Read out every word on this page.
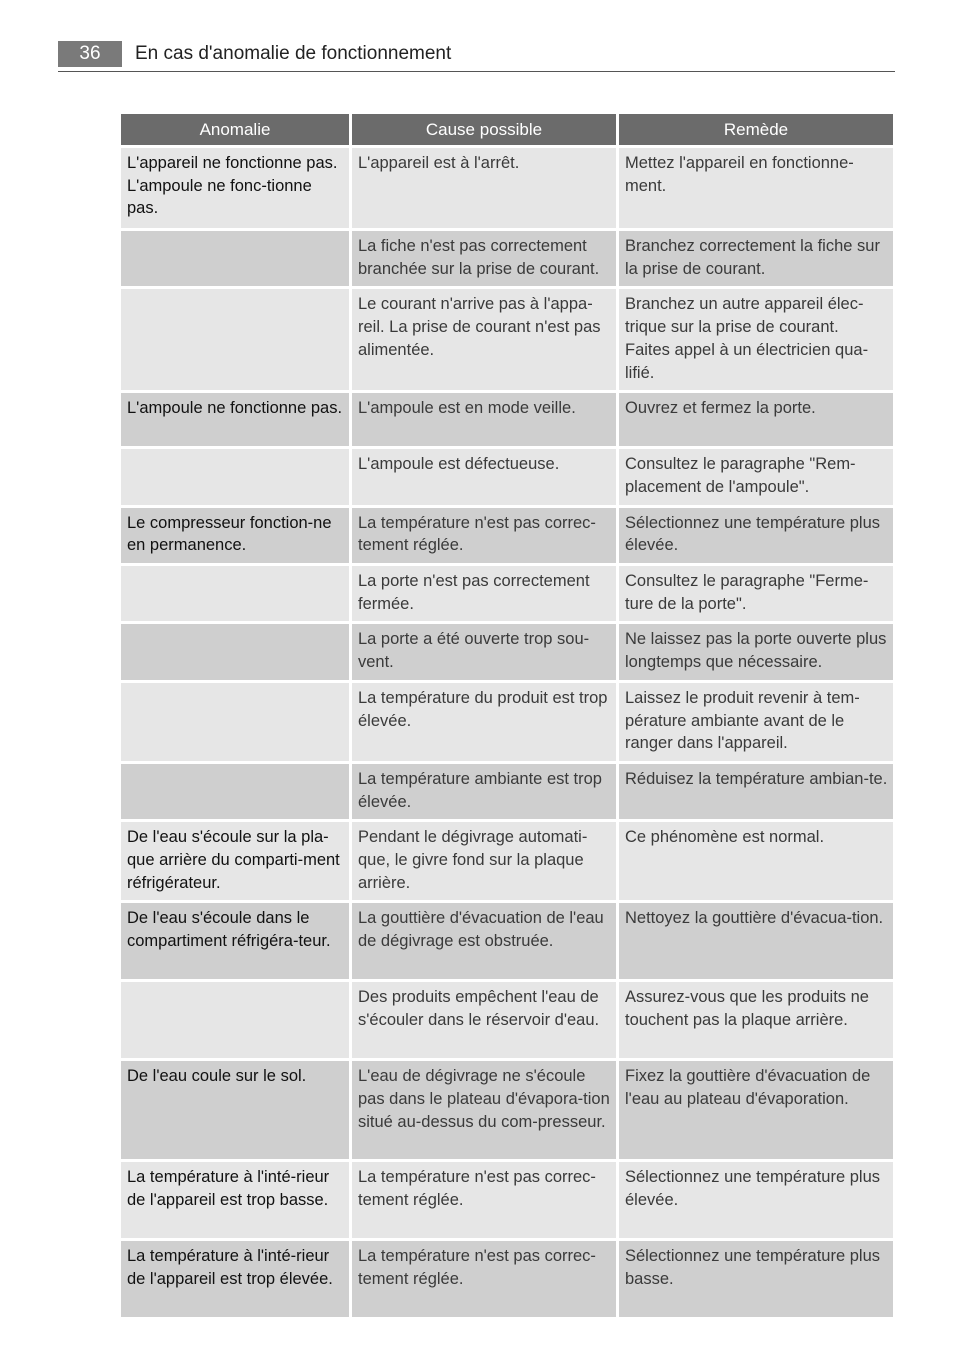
36	En cas d'anomalie de fonctionnement
Anomalie	Cause possible	Remède
L'appareil ne fonctionne pas. L'ampoule ne fonc-tionne pas.	L'appareil est à l'arrêt.	Mettez l'appareil en fonctionne-ment.
	La fiche n'est pas correctement branchée sur la prise de courant.	Branchez correctement la fiche sur la prise de courant.
	Le courant n'arrive pas à l'appa-reil. La prise de courant n'est pas alimentée.	Branchez un autre appareil élec-trique sur la prise de courant. Faites appel à un électricien qua-lifié.
L'ampoule ne fonctionne pas.	L'ampoule est en mode veille.	Ouvrez et fermez la porte.
	L'ampoule est défectueuse.	Consultez le paragraphe "Rem-placement de l'ampoule".
Le compresseur fonction-ne en permanence.	La température n'est pas correc-tement réglée.	Sélectionnez une température plus élevée.
	La porte n'est pas correctement fermée.	Consultez le paragraphe "Ferme-ture de la porte".
	La porte a été ouverte trop sou-vent.	Ne laissez pas la porte ouverte plus longtemps que nécessaire.
	La température du produit est trop élevée.	Laissez le produit revenir à tem-pérature ambiante avant de le ranger dans l'appareil.
	La température ambiante est trop élevée.	Réduisez la température ambian-te.
De l'eau s'écoule sur la pla-que arrière du comparti-ment réfrigérateur.	Pendant le dégivrage automati-que, le givre fond sur la plaque arrière.	Ce phénomène est normal.
De l'eau s'écoule dans le compartiment réfrigéra-teur.	La gouttière d'évacuation de l'eau de dégivrage est obstruée.	Nettoyez la gouttière d'évacua-tion.
	Des produits empêchent l'eau de s'écouler dans le réservoir d'eau.	Assurez-vous que les produits ne touchent pas la plaque arrière.
De l'eau coule sur le sol.	L'eau de dégivrage ne s'écoule pas dans le plateau d'évapora-tion situé au-dessus du com-presseur.	Fixez la gouttière d'évacuation de l'eau au plateau d'évaporation.
La température à l'inté-rieur de l'appareil est trop basse.	La température n'est pas correc-tement réglée.	Sélectionnez une température plus élevée.
La température à l'inté-rieur de l'appareil est trop élevée.	La température n'est pas correc-tement réglée.	Sélectionnez une température plus basse.
